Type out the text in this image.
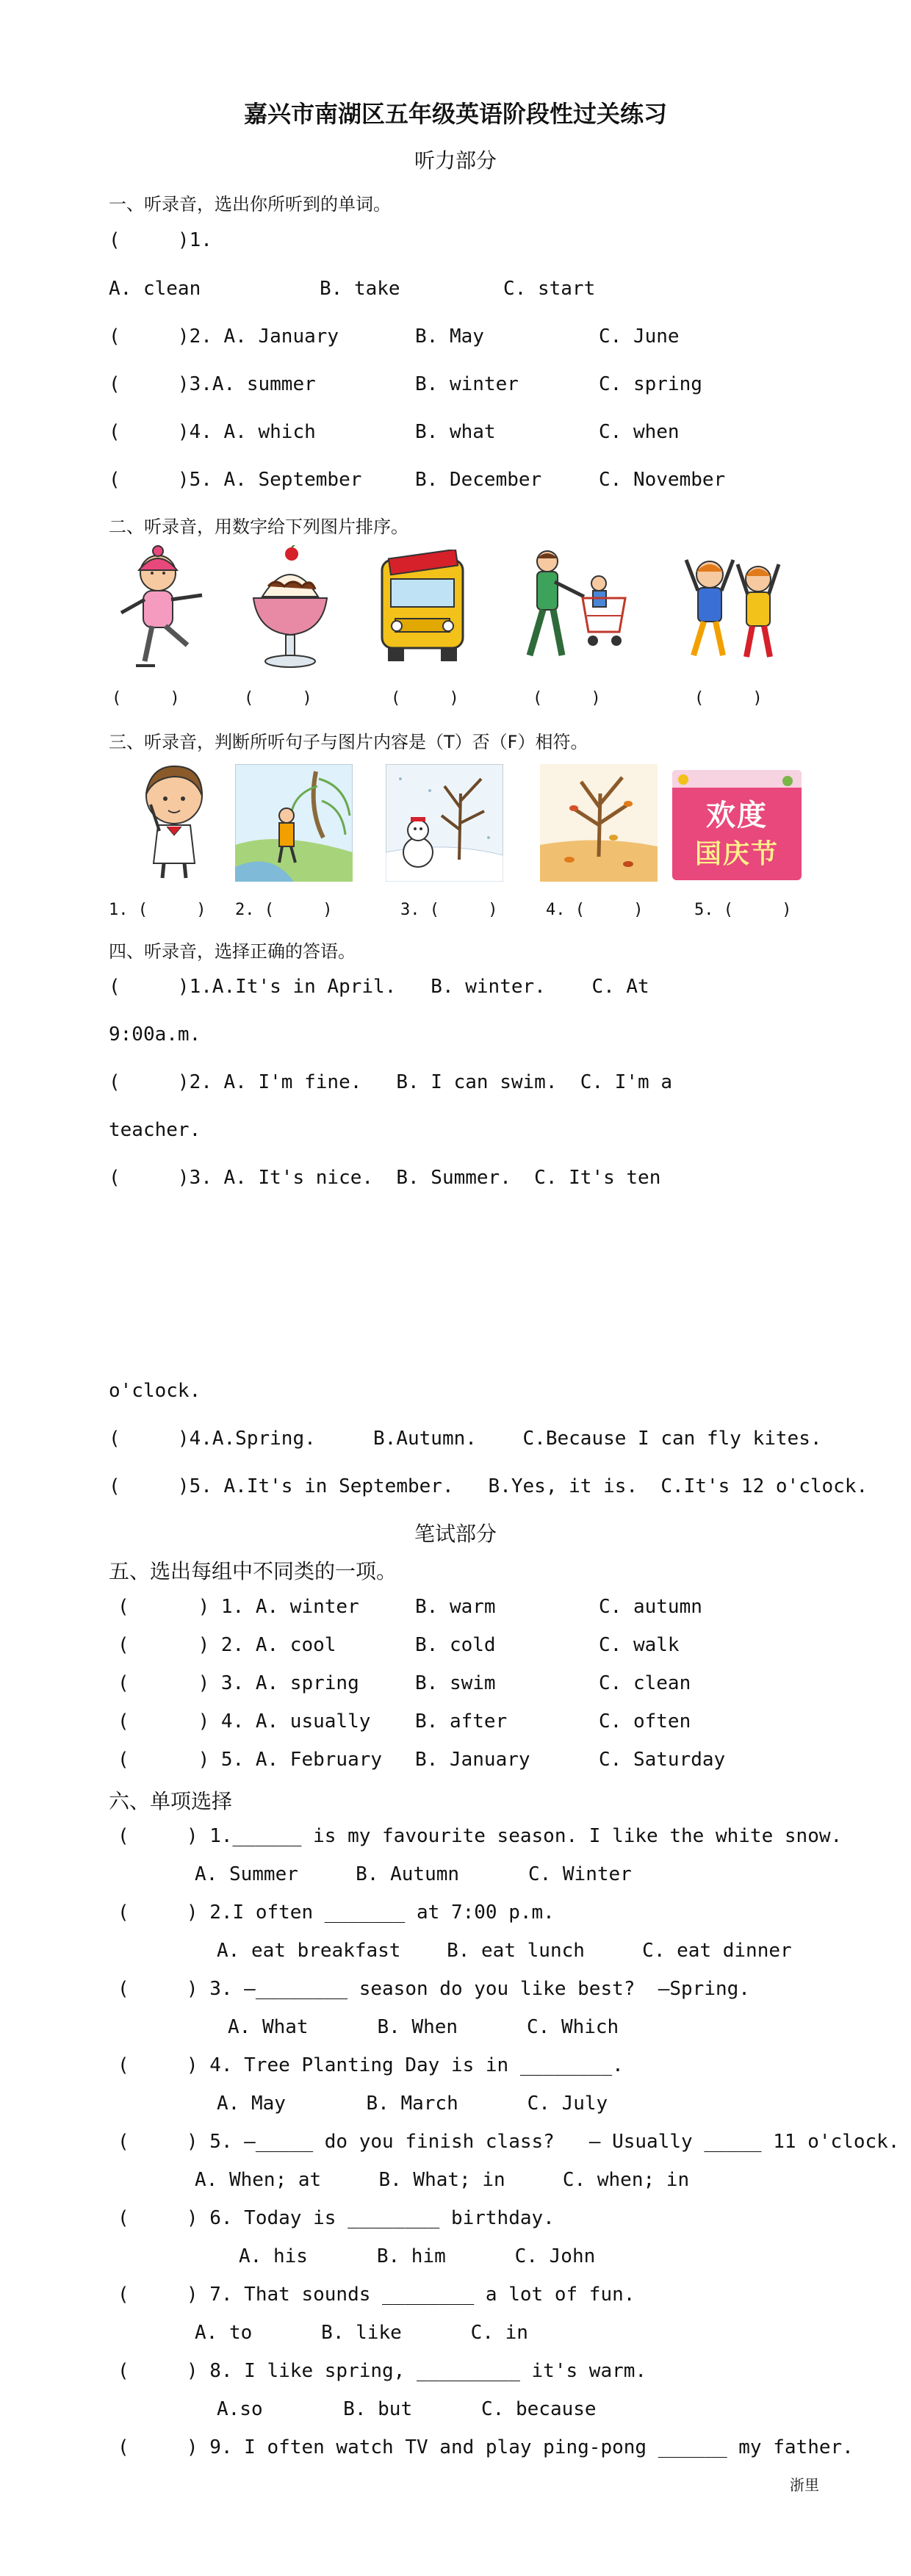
嘉兴市南湖区五年级英语阶段性过关练习
听力部分
一、听录音，选出你所听到的单词。
(     )1.
A. clean	B. take	C. start
(     )2. A. January	B. May	C. June
(     )3.A. summer	B. winter	C. spring
(     )4. A. which	B. what	C. when
(     )5. A. September	B. December	C. November
二、听录音，用数字给下列图片排序。
(     )	(     )	(     )	(     )	(     )
三、听录音，判断所听句子与图片内容是（T）否（F）相符。
欢度
国庆节
1. (     ) 2. (     )	3. (     )	4. (     )	5. (     )
四、听录音，选择正确的答语。
(     )1.A.It's in April.   B. winter.    C. At
9:00a.m.
(     )2. A. I'm fine.   B. I can swim.  C. I'm a
teacher.
(     )3. A. It's nice.  B. Summer.  C. It's ten
o'clock.
(     )4.A.Spring.     B.Autumn.    C.Because I can fly kites.
(     )5. A.It's in September.   B.Yes, it is.  C.It's 12 o'clock.
笔试部分
五、选出每组中不同类的一项。
(      ) 1. A. winter	B. warm	C. autumn
(      ) 2. A. cool	B. cold	C. walk
(      ) 3. A. spring	B. swim	C. clean
(      ) 4. A. usually B. after	C. often
(      ) 5. A. February B. January	C. Saturday
六、单项选择
(     ) 1.______ is my favourite season. I like the white snow.
A. Summer     B. Autumn      C. Winter
(     ) 2.I often _______ at 7:00 p.m.
A. eat breakfast    B. eat lunch     C. eat dinner
(     ) 3. —________ season do you like best?  —Spring.
A. What      B. When      C. Which
(     ) 4. Tree Planting Day is in ________.
A. May       B. March      C. July
(     ) 5. —_____ do you finish class?   — Usually _____ 11 o'clock.
A. When; at     B. What; in     C. when; in
(     ) 6. Today is ________ birthday.
A. his      B. him      C. John
(     ) 7. That sounds ________ a lot of fun.
A. to      B. like      C. in
(     ) 8. I like spring, _________ it's warm.
A.so       B. but      C. because
(     ) 9. I often watch TV and play ping-pong ______ my father.
浙里
